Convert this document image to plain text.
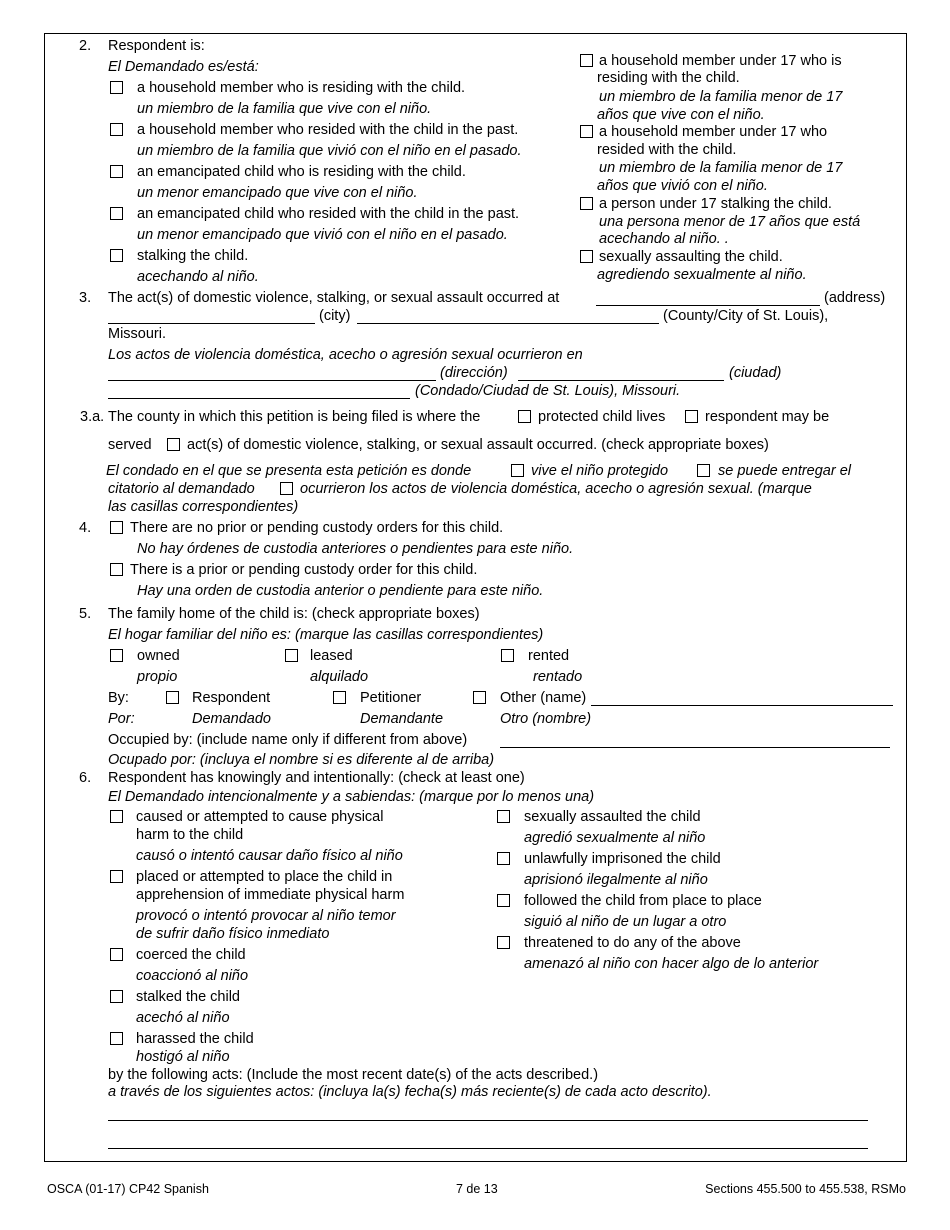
2. Respondent is:
El Demandado es/está:
a household member who is residing with the child.
un miembro de la familia que vive con el niño.
a household member who resided with the child in the past.
un miembro de la familia que vivió con el niño en el pasado.
an emancipated child who is residing with the child.
un menor emancipado que vive con el niño.
an emancipated child who resided with the child in the past.
un menor emancipado que vivió con el niño en el pasado.
stalking the child.
acechando al niño.
a household member under 17 who is
residing with the child.
un miembro de la familia menor de 17
años que vive con el niño.
a household member under 17 who
resided with the child.
un miembro de la familia menor de 17
años que vivió con el niño.
a person under 17 stalking the child.
una persona menor de 17 años que está
acechando al niño. .
sexually assaulting the child.
agrediendo sexualmente al niño.
3. The act(s) of domestic violence, stalking, or sexual assault occurred at	(address)
(city)	(County/City of St. Louis),
Missouri.
Los actos de violencia doméstica, acecho o agresión sexual ocurrieron en
(dirección)	(ciudad)
(Condado/Ciudad de St. Louis), Missouri.
3.a. The county in which this petition is being filed is where the	protected child lives	respondent may be
served act(s) of domestic violence, stalking, or sexual assault occurred. (check appropriate boxes)
El condado en el que se presenta esta petición es donde	vive el niño protegido	se puede entregar el
citatorio al demandado	ocurrieron los actos de violencia doméstica, acecho o agresión sexual. (marque
las casillas correspondientes)
4.	There are no prior or pending custody orders for this child.
No hay órdenes de custodia anteriores o pendientes para este niño.
There is a prior or pending custody order for this child.
Hay una orden de custodia anterior o pendiente para este niño.
5. The family home of the child is: (check appropriate boxes)
El hogar familiar del niño es: (marque las casillas correspondientes)
owned
propio
leased
alquilado
rented
rentado
By:
Por:
Respondent
Demandado
Petitioner
Demandante
Other (name)
Otro (nombre)
Occupied by: (include name only if different from above)
Ocupado por: (incluya el nombre si es diferente al de arriba)
6. Respondent has knowingly and intentionally: (check at least one)
El Demandado intencionalmente y a sabiendas: (marque por lo menos una)
caused or attempted to cause physical
harm to the child
causó o intentó causar daño físico al niño
placed or attempted to place the child in
apprehension of immediate physical harm
provocó o intentó provocar al niño temor
de sufrir daño físico inmediato
coerced the child
coaccionó al niño
stalked the child
acechó al niño
harassed the child
hostigó al niño
sexually assaulted the child
agredió sexualmente al niño
unlawfully imprisoned the child
aprisionó ilegalmente al niño
followed the child from place to place
siguió al niño de un lugar a otro
threatened to do any of the above
amenazó al niño con hacer algo de lo anterior
by the following acts: (Include the most recent date(s) of the acts described.)
a través de los siguientes actos: (incluya la(s) fecha(s) más reciente(s) de cada acto descrito).
OSCA (01-17) CP42 Spanish	7 de 13	Sections 455.500 to 455.538, RSMo
